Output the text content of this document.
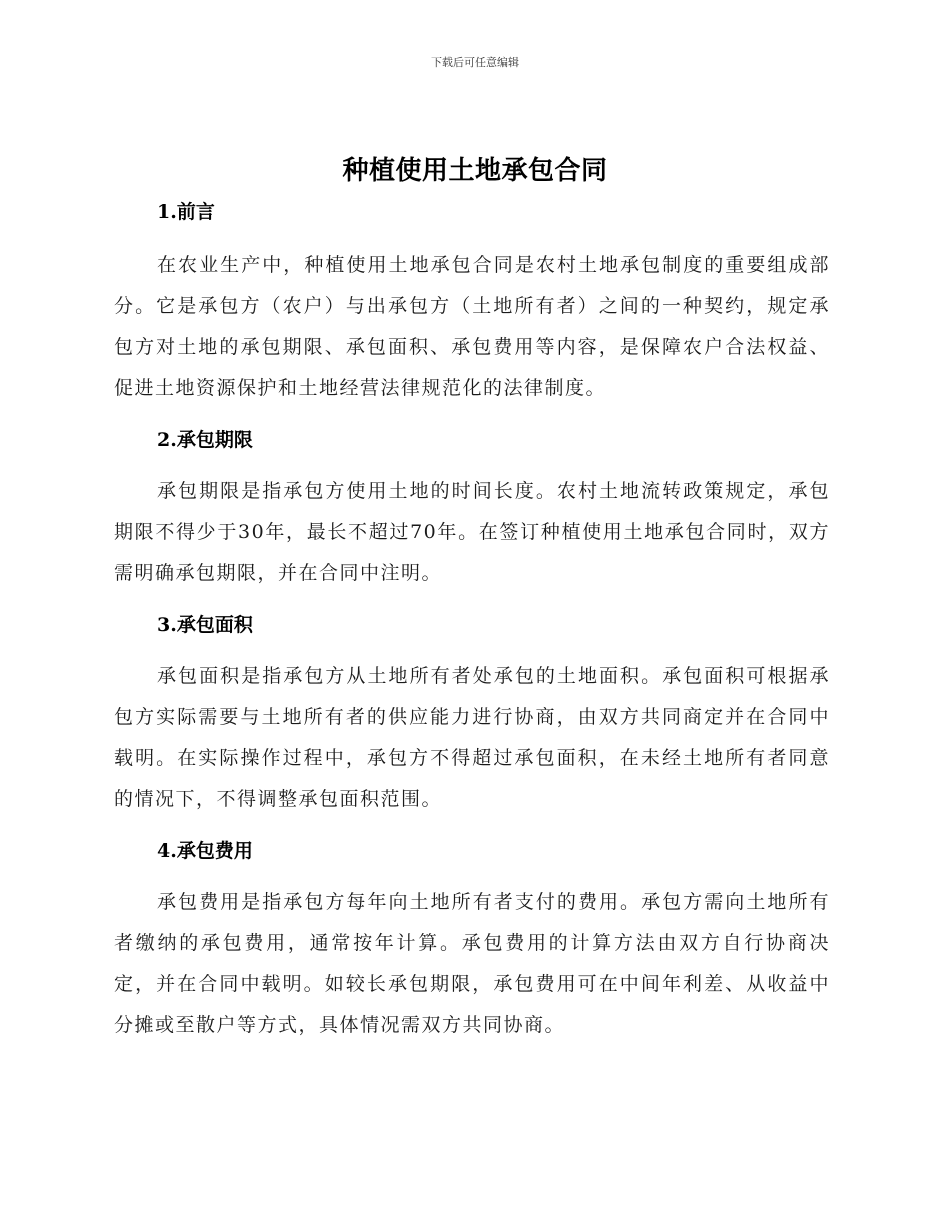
下载后可任意编辑
种植使用土地承包合同
1.前言

在农业生产中，种植使用土地承包合同是农村土地承包制度的重要组成部分。它是承包方（农户）与出承包方（土地所有者）之间的一种契约，规定承包方对土地的承包期限、承包面积、承包费用等内容，是保障农户合法权益、促进土地资源保护和土地经营法律规范化的法律制度。

2.承包期限

承包期限是指承包方使用土地的时间长度。农村土地流转政策规定，承包期限不得少于30年，最长不超过70年。在签订种植使用土地承包合同时，双方需明确承包期限，并在合同中注明。

3.承包面积

承包面积是指承包方从土地所有者处承包的土地面积。承包面积可根据承包方实际需要与土地所有者的供应能力进行协商，由双方共同商定并在合同中载明。在实际操作过程中，承包方不得超过承包面积，在未经土地所有者同意的情况下，不得调整承包面积范围。

4.承包费用

承包费用是指承包方每年向土地所有者支付的费用。承包方需向土地所有者缴纳的承包费用，通常按年计算。承包费用的计算方法由双方自行协商决定，并在合同中载明。如较长承包期限，承包费用可在中间年利差、从收益中分摊或至散户等方式，具体情况需双方共同协商。
